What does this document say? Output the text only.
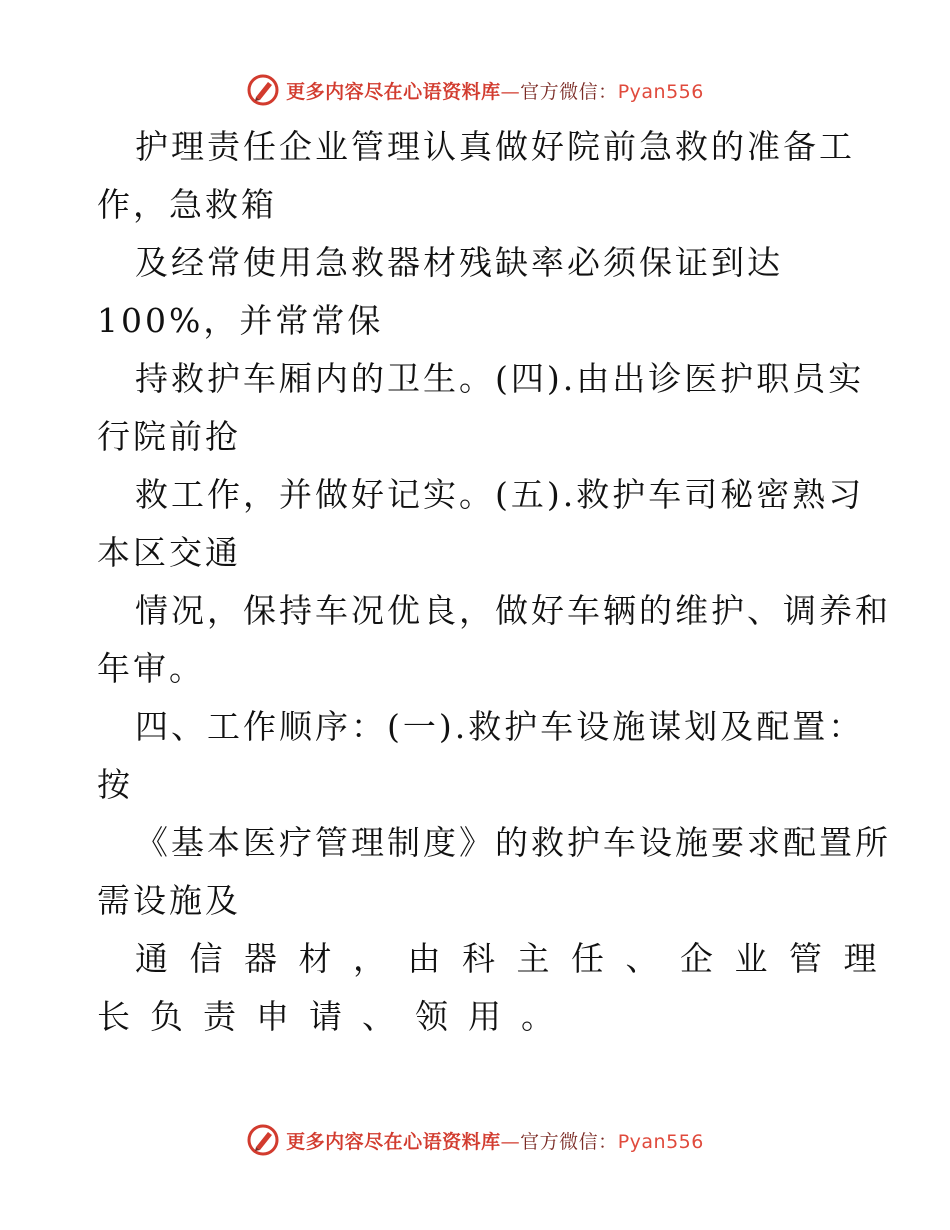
更多内容尽在心语资料库—官方微信：Pyan556
护理责任企业管理认真做好院前急救的准备工
作，急救箱
及经常使用急救器材残缺率必须保证到达
100%，并常常保
持救护车厢内的卫生。(四).由出诊医护职员实
行院前抢
救工作，并做好记实。(五).救护车司秘密熟习
本区交通
情况，保持车况优良，做好车辆的维护、调养和
年审。
四、工作顺序：(一).救护车设施谋划及配置：
按
《基本医疗管理制度》的救护车设施要求配置所
需设施及
通信器材，由科主任、企业管理
长负责申请、领用。
更多内容尽在心语资料库—官方微信：Pyan556
